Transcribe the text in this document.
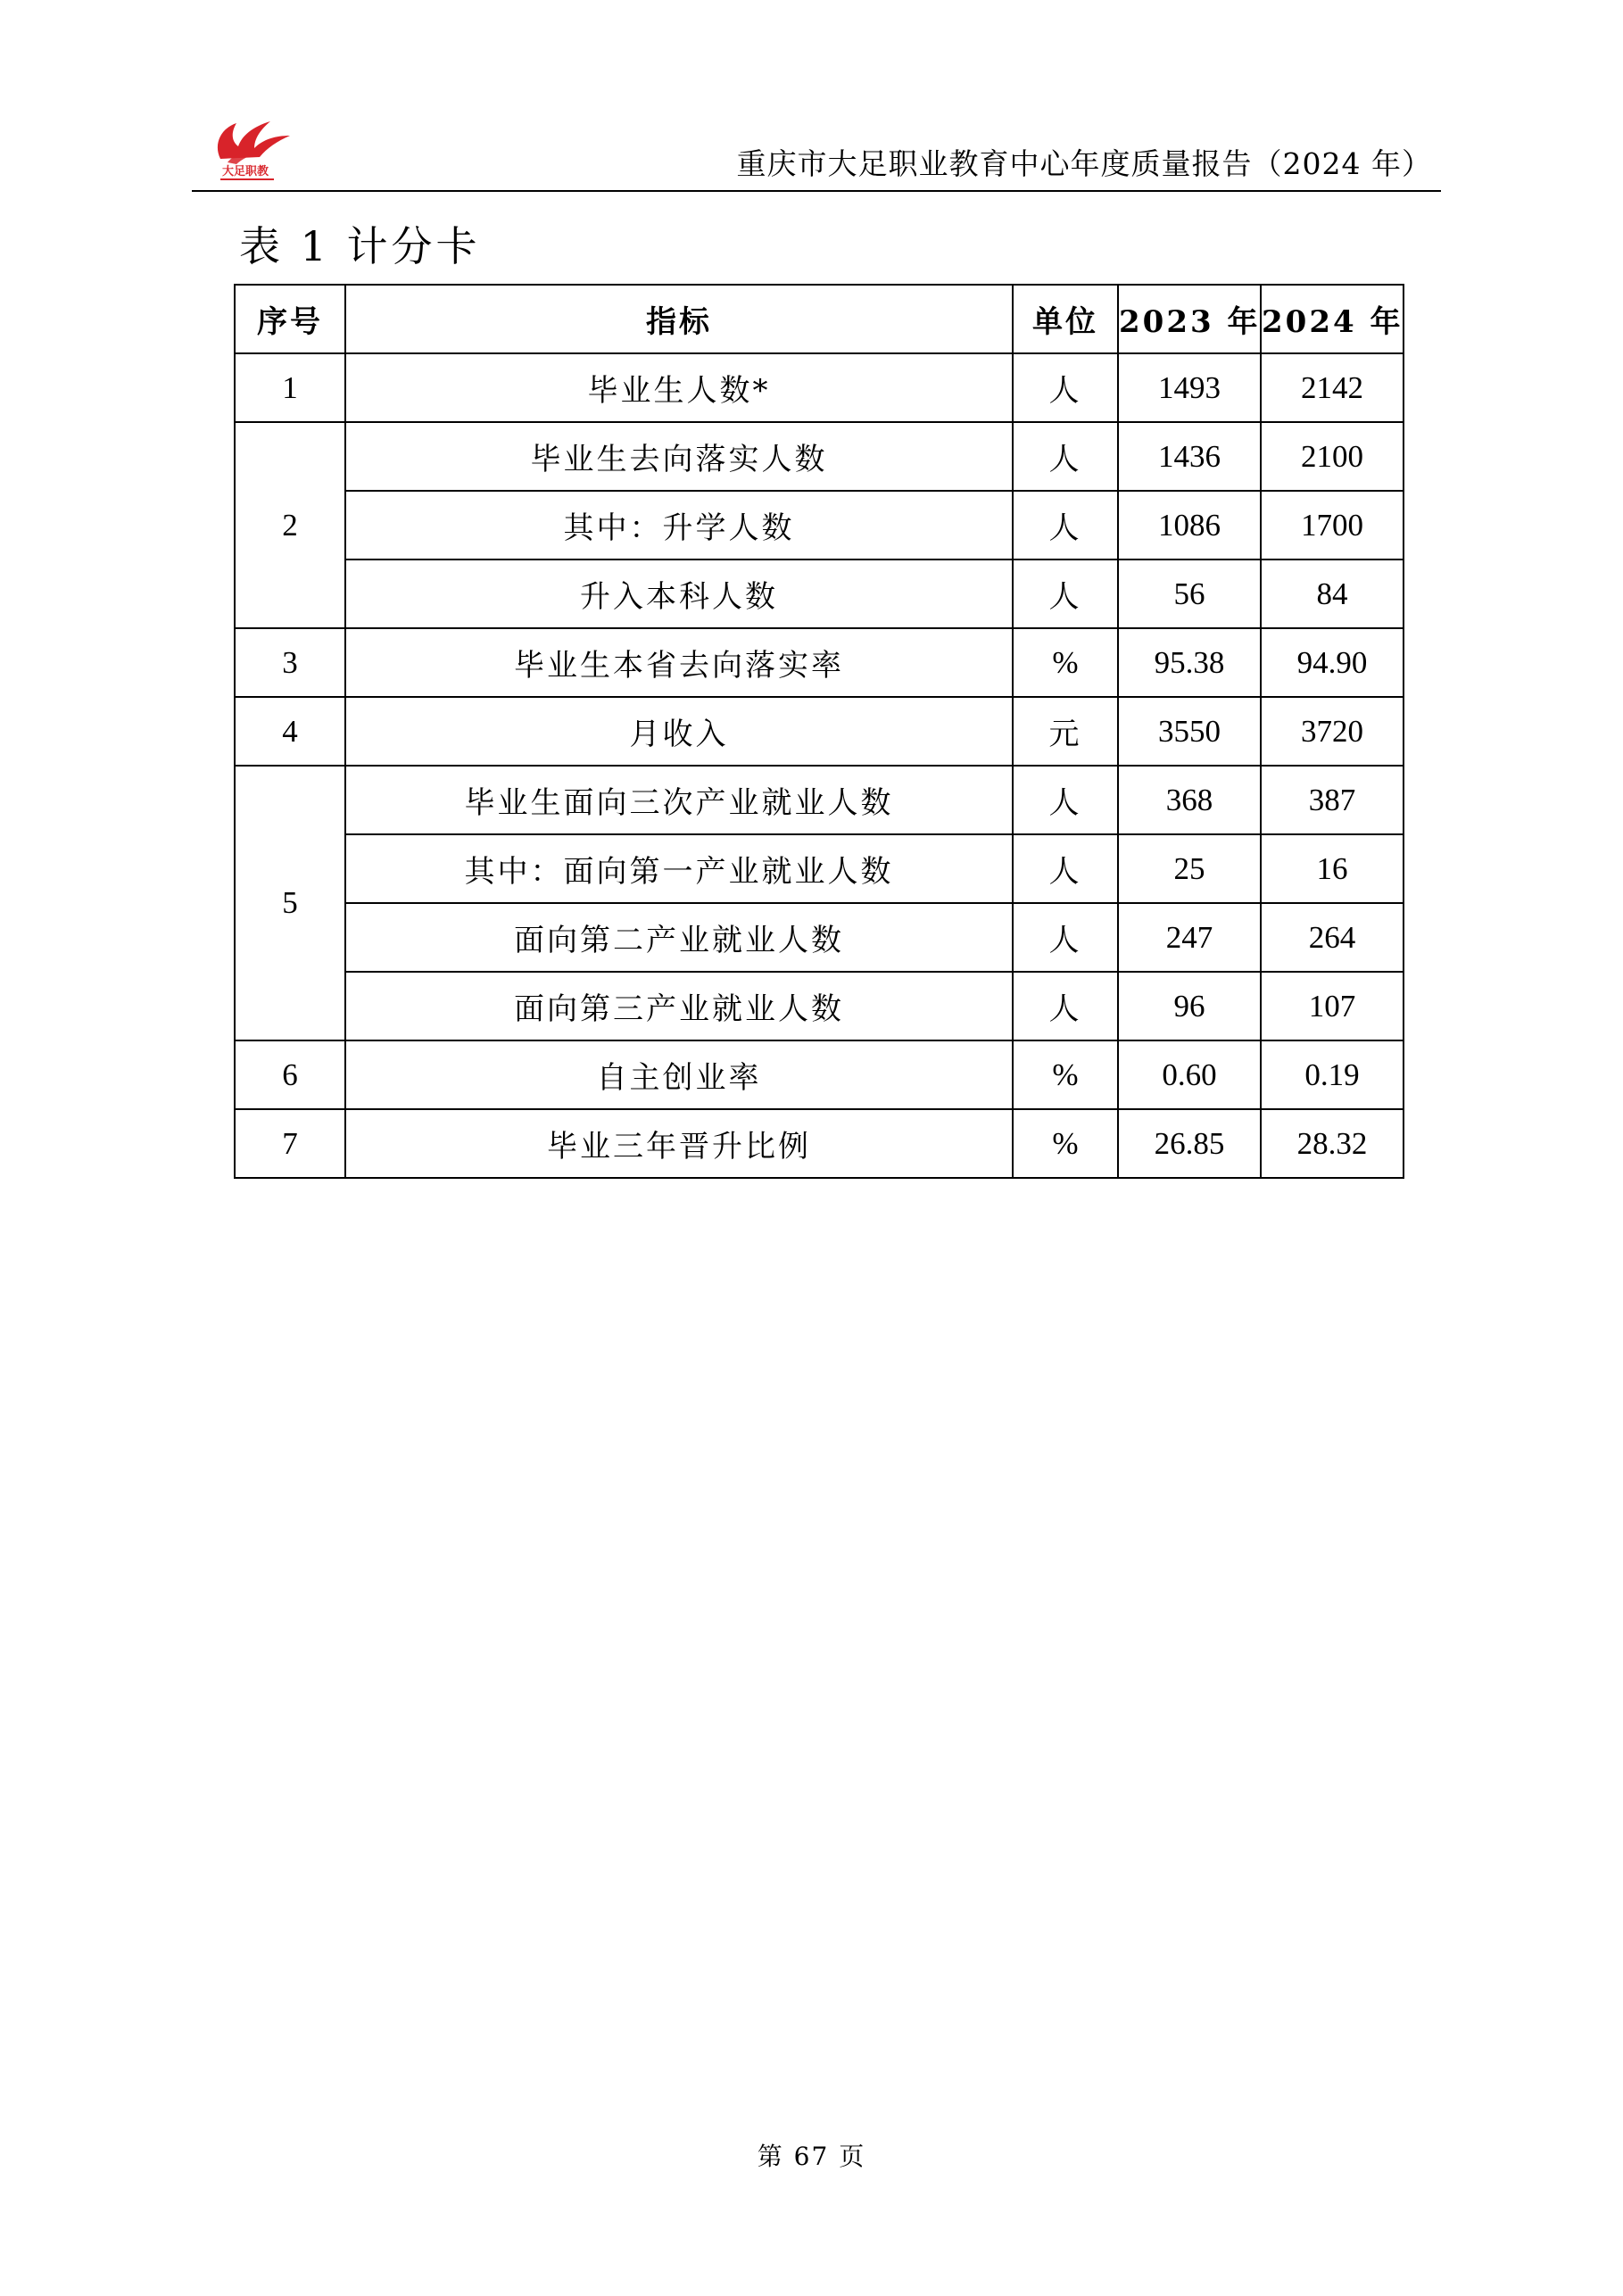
大足职教	重庆市大足职业教育中心年度质量报告（2024 年）
表 1 计分卡
序号	指标	单位	2023 年	2024 年
1	毕业生人数*	人	1493	2142
2	毕业生去向落实人数	人	1436	2100
	其中：升学人数	人	1086	1700
	升入本科人数	人	56	84
3	毕业生本省去向落实率	%	95.38	94.90
4	月收入	元	3550	3720
5	毕业生面向三次产业就业人数	人	368	387
	其中：面向第一产业就业人数	人	25	16
	面向第二产业就业人数	人	247	264
	面向第三产业就业人数	人	96	107
6	自主创业率	%	0.60	0.19
7	毕业三年晋升比例	%	26.85	28.32
第 67 页
